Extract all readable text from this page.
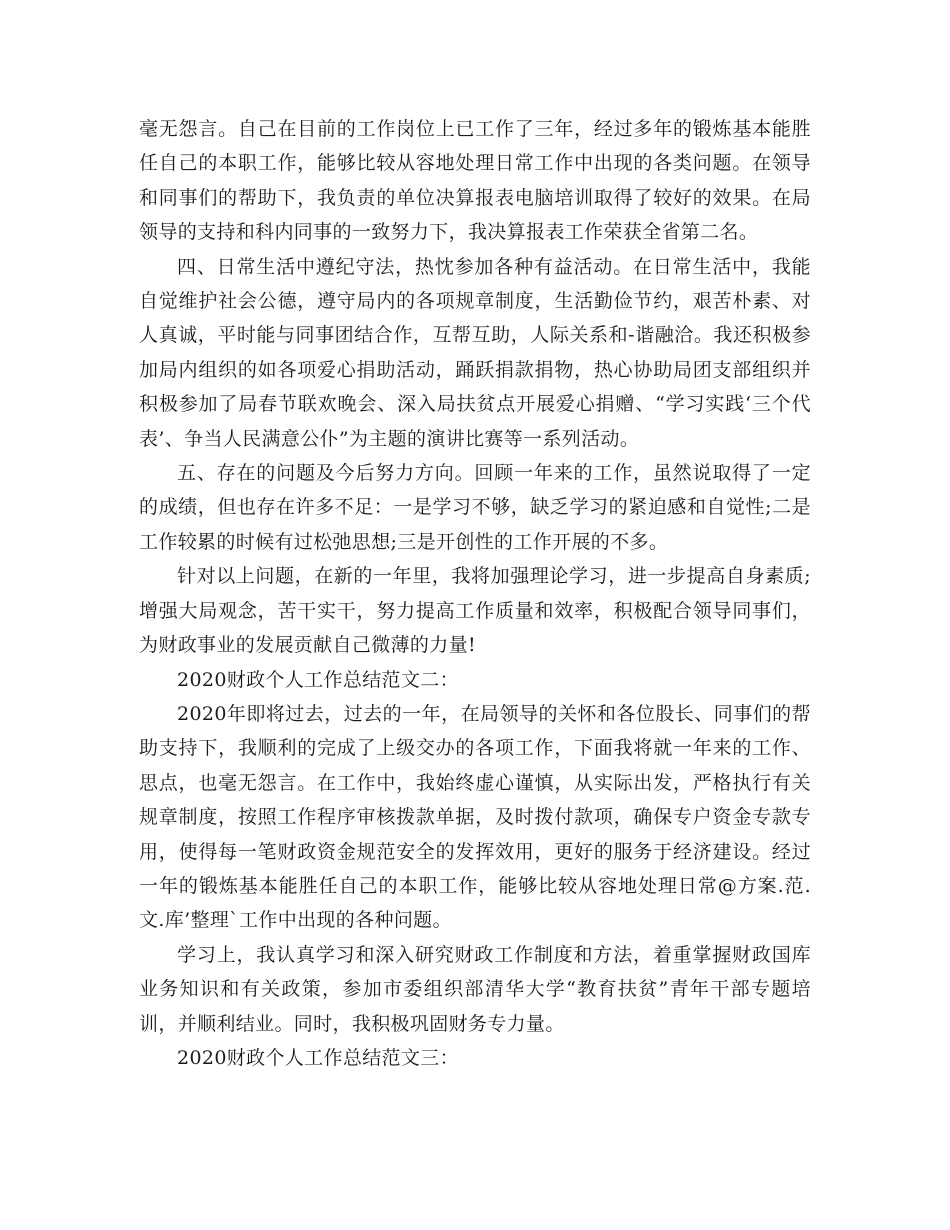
毫无怨言。自己在目前的工作岗位上已工作了三年，经过多年的锻炼基本能胜任自己的本职工作，能够比较从容地处理日常工作中出现的各类问题。在领导和同事们的帮助下，我负责的单位决算报表电脑培训取得了较好的效果。在局领导的支持和科内同事的一致努力下，我决算报表工作荣获全省第二名。

四、日常生活中遵纪守法，热忱参加各种有益活动。在日常生活中，我能自觉维护社会公德，遵守局内的各项规章制度，生活勤俭节约，艰苦朴素、对人真诚，平时能与同事团结合作，互帮互助，人际关系和-谐融洽。我还积极参加局内组织的如各项爱心捐助活动，踊跃捐款捐物，热心协助局团支部组织并积极参加了局春节联欢晚会、深入局扶贫点开展爱心捐赠、“学习实践‘三个代表’、争当人民满意公仆”为主题的演讲比赛等一系列活动。

五、存在的问题及今后努力方向。回顾一年来的工作，虽然说取得了一定的成绩，但也存在许多不足：一是学习不够，缺乏学习的紧迫感和自觉性;二是工作较累的时候有过松弛思想;三是开创性的工作开展的不多。

针对以上问题，在新的一年里，我将加强理论学习，进一步提高自身素质;增强大局观念，苦干实干，努力提高工作质量和效率，积极配合领导同事们，为财政事业的发展贡献自己微薄的力量!

2020财政个人工作总结范文二：

2020年即将过去，过去的一年，在局领导的关怀和各位股长、同事们的帮助支持下，我顺利的完成了上级交办的各项工作，下面我将就一年来的工作、思点，也毫无怨言。在工作中，我始终虚心谨慎，从实际出发，严格执行有关规章制度，按照工作程序审核拨款单据，及时拨付款项，确保专户资金专款专用，使得每一笔财政资金规范安全的发挥效用，更好的服务于经济建设。经过一年的锻炼基本能胜任自己的本职工作，能够比较从容地处理日常@方案.范.文.库’整理`工作中出现的各种问题。

学习上，我认真学习和深入研究财政工作制度和方法，着重掌握财政国库业务知识和有关政策，参加市委组织部清华大学“教育扶贫”青年干部专题培训，并顺利结业。同时，我积极巩固财务专力量。

2020财政个人工作总结范文三：
